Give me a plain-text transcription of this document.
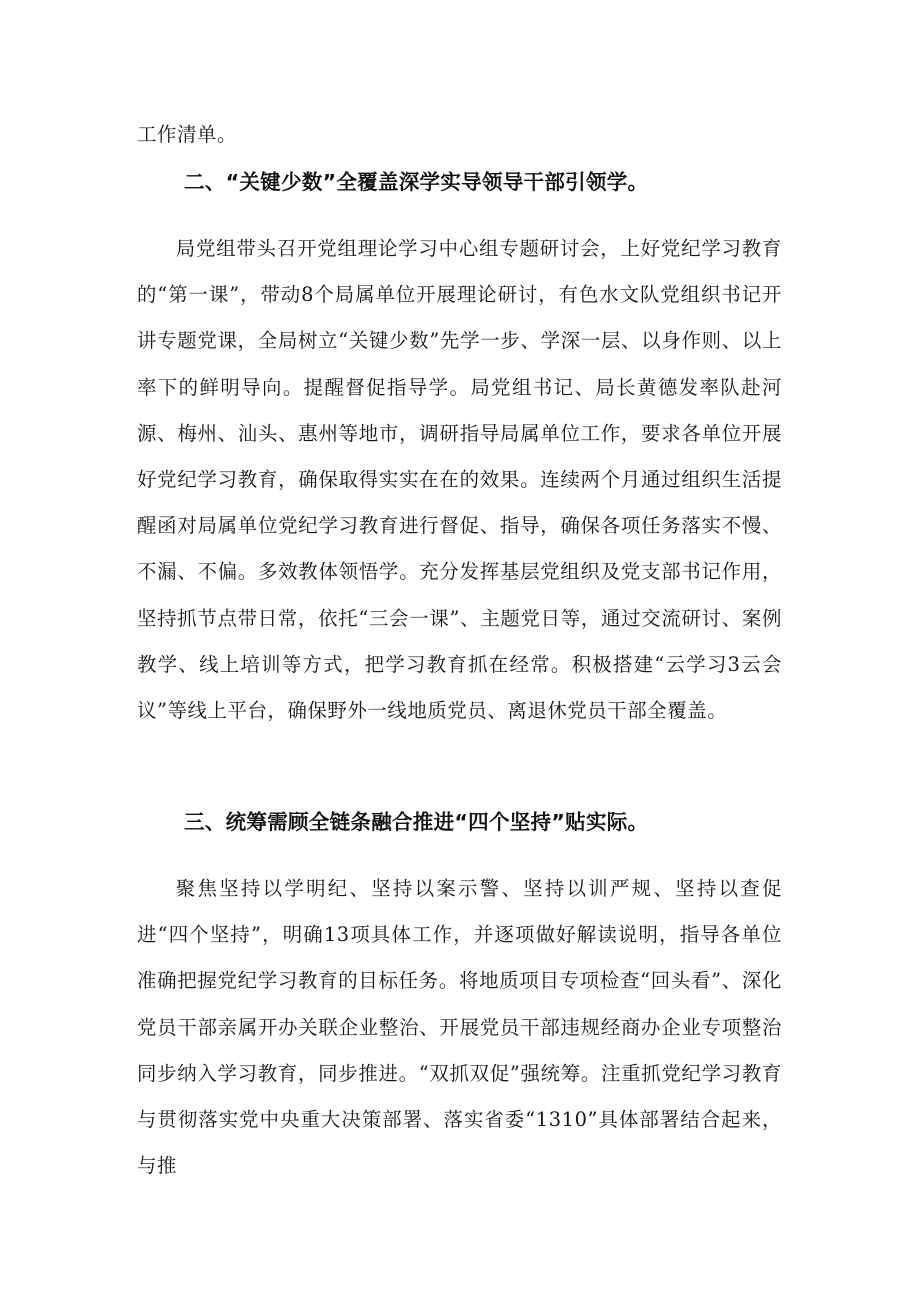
工作清单。

二、“关键少数”全覆盖深学实导领导干部引领学。

局党组带头召开党组理论学习中心组专题研讨会，上好党纪学习教育的“第一课”，带动8个局属单位开展理论研讨，有色水文队党组织书记开讲专题党课，全局树立“关键少数”先学一步、学深一层、以身作则、以上率下的鲜明导向。提醒督促指导学。局党组书记、局长黄德发率队赴河源、梅州、汕头、惠州等地市，调研指导局属单位工作，要求各单位开展好党纪学习教育，确保取得实实在在的效果。连续两个月通过组织生活提醒函对局属单位党纪学习教育进行督促、指导，确保各项任务落实不慢、不漏、不偏。多效教体领悟学。充分发挥基层党组织及党支部书记作用，坚持抓节点带日常，依托“三会一课”、主题党日等，通过交流研讨、案例教学、线上培训等方式，把学习教育抓在经常。积极搭建“云学习3云会议”等线上平台，确保野外一线地质党员、离退休党员干部全覆盖。

三、统筹需顾全链条融合推进“四个坚持”贴实际。

聚焦坚持以学明纪、坚持以案示警、坚持以训严规、坚持以查促进“四个坚持”，明确13项具体工作，并逐项做好解读说明，指导各单位准确把握党纪学习教育的目标任务。将地质项目专项检查“回头看”、深化党员干部亲属开办关联企业整治、开展党员干部违规经商办企业专项整治同步纳入学习教育，同步推进。“双抓双促”强统筹。注重抓党纪学习教育与贯彻落实党中央重大决策部署、落实省委“1310”具体部署结合起来，与推
